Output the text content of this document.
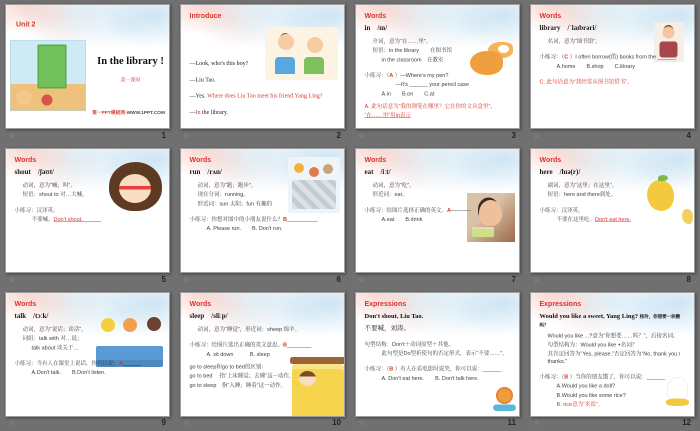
Unit 2
In the library !
第一课时
第一PPT模板网-WWW.1PPT.COM
☆	1
Introduce
—Look, who's this boy?
—Liu Tao.
—Yes. Where does Liu Tao meet his friend Yang Ling?
—In the library.
☆	2
Words
in　/ɪn/
介词，意为“在……里”。
短语：in the library　　在图书馆
in the classroom　在教室
小练习：（A ）—Where's my pen?
—It's ______ your pencil case
A.in　　B.on　　C.at
A. 此句话意为“我的钢笔在哪里？它在你的文具盒里”，
“在……里”用in表示
☆	3
Words
library　/ˈlaɪbrəri/
名词，意为“图书馆”。
小练习：（C ）I often borrow(借) books from the ______.
A.home　　B.shop　　C.library
C. 此句话意为“我经常从图书馆借书”。
☆	4
Words
shout　/ʃaʊt/
动词，意为“喊；叫”。
短语：shout to 对…大喊。
小练习：汉译英。
不要喊。Don't shout.______
☆	5
Words
run　/rʌn/
动词，意为“跑；跑步”。
现在分词：running。
形近词：sun 太阳；fun 有趣的
小练习：你想对图中的小朋友说什么？B__________
A. Please run.　　B. Don't run.
☆	6
Words
eat　/iːt/
动词，意为“吃”。
形近词：ear。
小练习：给图片选择正确的英文。A─────
A.eat　　B.drink
☆	7
Words
here　/hɪə(r)/
副词，意为“这里；在这里”。
短语：here and there到处。
小练习：汉译英。
不要在这里吃。Don't eat here.
☆	8
Words
talk　/tɔːk/
动词，意为“说话；谈话”。
词组：talk with 对…说；
talk about 谈关于…
小练习：当有人在课堂上说话，你可以说：A______
A.Don't talk.　　B.Don't listen.
☆	9
Words
sleep　/sliːp/
动词，意为“睡觉”，形近词：sheep 绵羊。
小练习：给图片选出正确的英文意思。B________
A. sit down　　　B. sleep
go to sleep和go to bed的区别：
go to bed　 指“上床睡觉；去睡”这一动作，
go to sleep　指“入睡；睡着”这一动作。
☆	10
Expressions
Don't shout, Liu Tao.
不要喊，刘涛。
句型结构：Don't＋动词原型＋其他。
此句型是Do型祈使句的否定形式，表示“不要……”。
小练习：（B ）有人在看电影时说笑，你可以说：______
A. Don't eat here.　　B. Don't talk here.
☆	11
Expressions
Would you like a sweet, Yang Ling? 杨玲，你想要一块糖吗？
Would you like ...?意为“你想要……吗？”，后接名词。
句型结构为：Would you like +名词？
其肯定回答为“Yes, please.”否定回答为“No, thank you / thanks.”
小练习：（B ）当你的朋友饿了，你可以说：______
A.Would you like a doll?
B.Would you like some rice?
B. rice意为“米饭”。
☆	12
